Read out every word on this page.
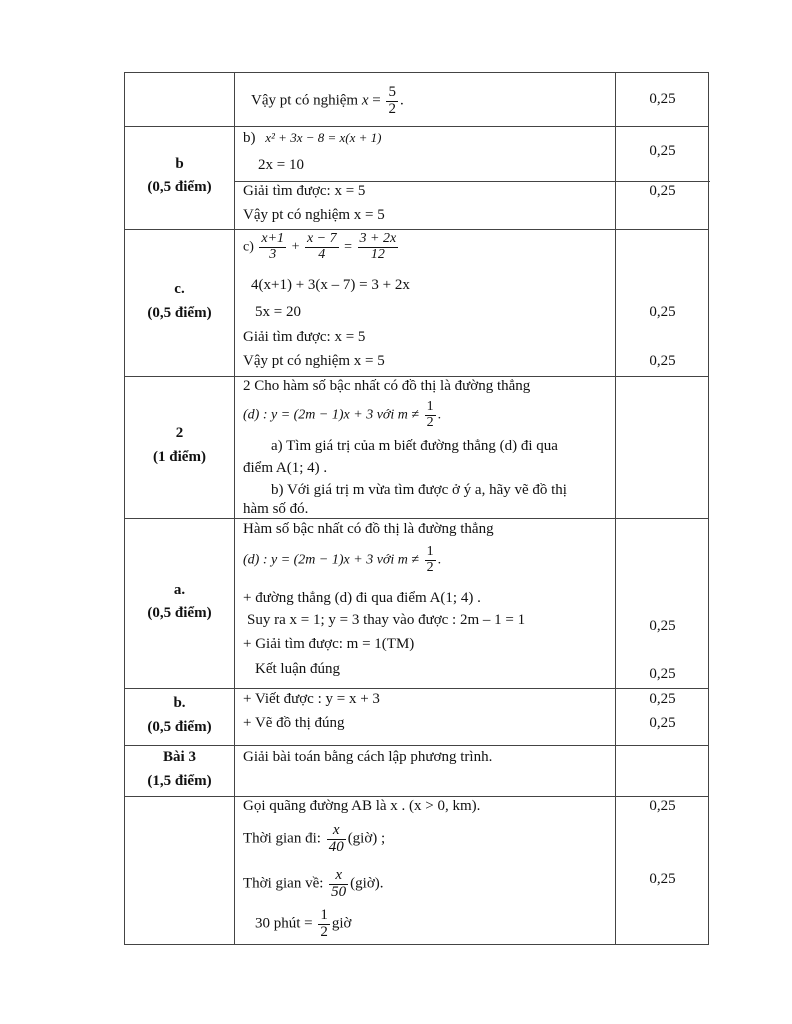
Vậy pt có nghiệm $x = \frac{5}{2}$ .	0,25
b
(0,5 điểm)
b) x² + 3x − 8 = x(x + 1)
2x = 10
0,25
Giải tìm được: x = 5
Vậy pt có nghiệm x = 5
0,25
c.
(0,5 điểm)
$c) \frac{x+1}{3} + \frac{x - 7}{4} = \frac{3 + 2x}{12}$
4(x+1) + 3(x – 7) = 3 + 2x
5x = 20
Giải tìm được: x = 5
Vậy pt có nghiệm x = 5
0,25
0,25
2
(1 điểm)
2 Cho hàm số bậc nhất có đồ thị là đường thẳng
(d) : y = (2m − 1)x + 3 với $m \ne \frac{1}{2}$ .
a) Tìm giá trị của m biết đường thẳng (d) đi qua
điểm A(1; 4) .
b) Với giá trị m vừa tìm được ở ý a, hãy vẽ đồ thị
hàm số đó.
a.
(0,5 điểm)
Hàm số bậc nhất có đồ thị là đường thẳng
(d) : y = (2m − 1)x + 3 với $m \ne \frac{1}{2}$ .
+ đường thẳng (d) đi qua điểm A(1; 4) .
Suy ra x = 1; y = 3 thay vào được : 2m – 1 = 1
+ Giải tìm được: m = 1(TM)
Kết luận đúng
0,25
0,25
b.
(0,5 điểm)
+ Viết được : y = x + 3
+ Vẽ đồ thị đúng
0,25
0,25
Bài 3
(1,5 điểm)
Giải bài toán bằng cách lập phương trình.
Gọi quãng đường AB là x . (x > 0, km).
Thời gian đi: $\frac{x}{40}$ (giờ) ;
Thời gian về: $\frac{x}{50}$ (giờ).
30 phút = $\frac{1}{2}$ giờ
0,25
0,25
